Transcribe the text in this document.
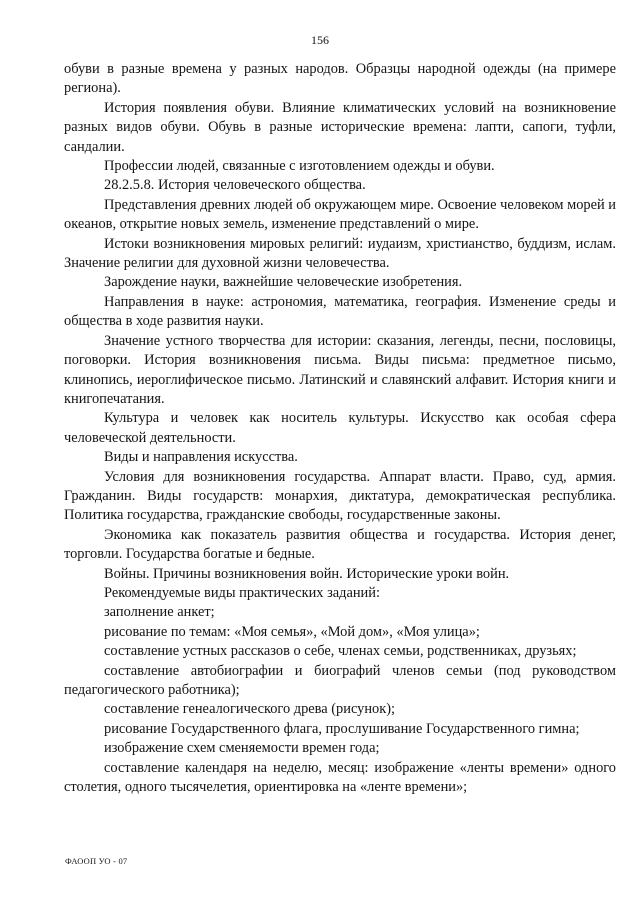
156

обуви в разные времена у разных народов. Образцы народной одежды (на примере региона).

История появления обуви. Влияние климатических условий на возникновение разных видов обуви. Обувь в разные исторические времена: лапти, сапоги, туфли, сандалии.

Профессии людей, связанные с изготовлением одежды и обуви.

28.2.5.8. История человеческого общества.

Представления древних людей об окружающем мире. Освоение человеком морей и океанов, открытие новых земель, изменение представлений о мире.

Истоки возникновения мировых религий: иудаизм, христианство, буддизм, ислам. Значение религии для духовной жизни человечества.

Зарождение науки, важнейшие человеческие изобретения.

Направления в науке: астрономия, математика, география. Изменение среды и общества в ходе развития науки.

Значение устного творчества для истории: сказания, легенды, песни, пословицы, поговорки. История возникновения письма. Виды письма: предметное письмо, клинопись, иероглифическое письмо. Латинский и славянский алфавит. История книги и книгопечатания.

Культура и человек как носитель культуры. Искусство как особая сфера человеческой деятельности.

Виды и направления искусства.

Условия для возникновения государства. Аппарат власти. Право, суд, армия. Гражданин. Виды государств: монархия, диктатура, демократическая республика. Политика государства, гражданские свободы, государственные законы.

Экономика как показатель развития общества и государства. История денег, торговли. Государства богатые и бедные.

Войны. Причины возникновения войн. Исторические уроки войн.

Рекомендуемые виды практических заданий:

заполнение анкет;

рисование по темам: «Моя семья», «Мой дом», «Моя улица»;

составление устных рассказов о себе, членах семьи, родственниках, друзьях;

составление автобиографии и биографий членов семьи (под руководством педагогического работника);

составление генеалогического древа (рисунок);

рисование Государственного флага, прослушивание Государственного гимна;

изображение схем сменяемости времен года;

составление календаря на неделю, месяц: изображение «ленты времени» одного столетия, одного тысячелетия, ориентировка на «ленте времени»;

ФАООП УО - 07
